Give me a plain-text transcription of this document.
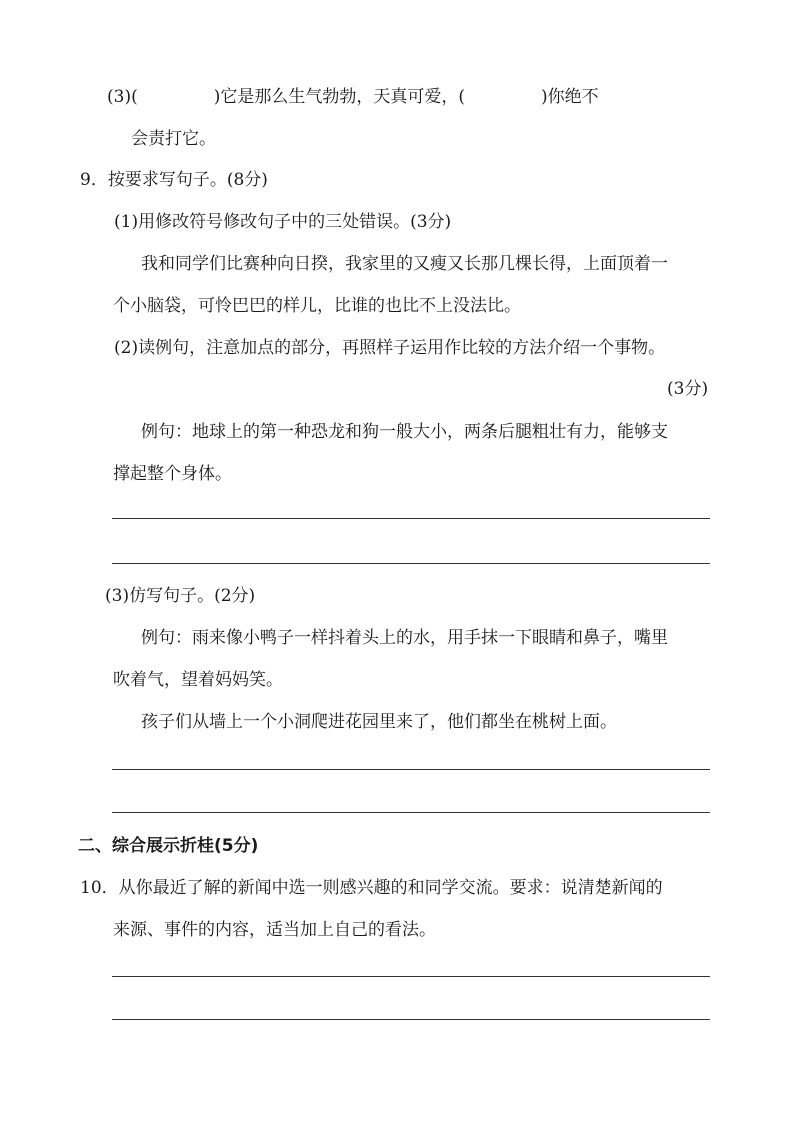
(3)(	)它是那么生气勃勃，天真可爱，(	)你绝不
会责打它。
9．按要求写句子。(8分)
(1)用修改符号修改句子中的三处错误。(3分)
我和同学们比赛种向日揆，我家里的又瘦又长那几棵长得，上面顶着一
个小脑袋，可怜巴巴的样儿，比谁的也比不上没法比。
(2)读例句，注意加点的部分，再照样子运用作比较的方法介绍一个事物。
(3分)
例句：地球上的第一种恐龙和狗一般大小，两条后腿粗壮有力，能够支
撑起整个身体。
(3)仿写句子。(2分)
例句：雨来像小鸭子一样抖着头上的水，用手抹一下眼睛和鼻子，嘴里
吹着气，望着妈妈笑。
孩子们从墙上一个小洞爬进花园里来了，他们都坐在桃树上面。
二、综合展示折桂(5分)
10．从你最近了解的新闻中选一则感兴趣的和同学交流。要求：说清楚新闻的
来源、事件的内容，适当加上自己的看法。
